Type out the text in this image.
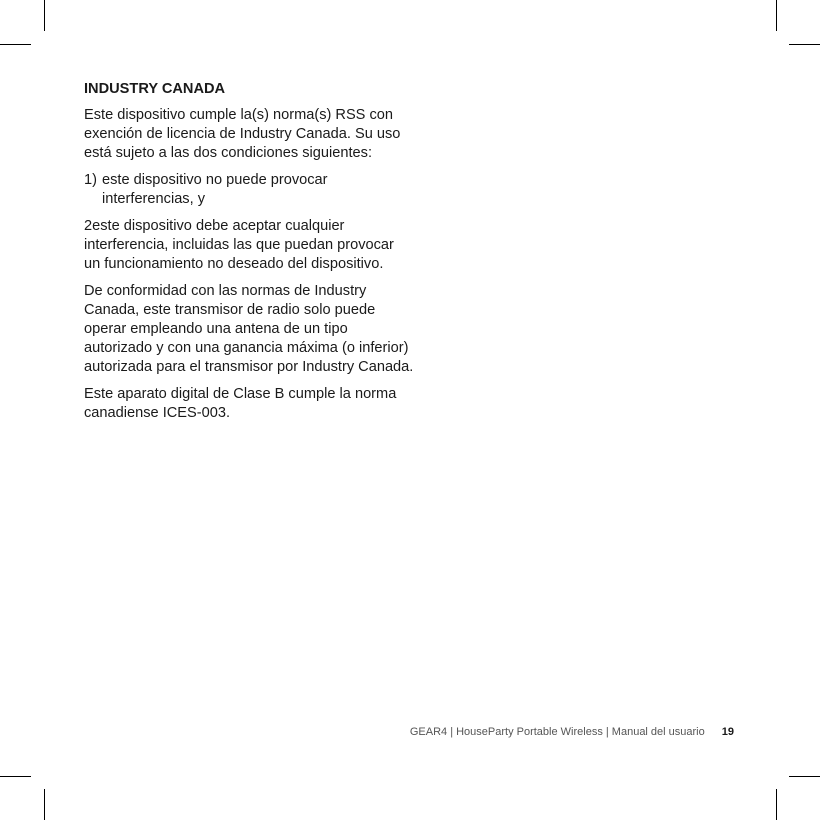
INDUSTRY CANADA

Este dispositivo cumple la(s) norma(s) RSS con exención de licencia de Industry Canada. Su uso está sujeto a las dos condiciones siguientes:

1) este dispositivo no puede provocar interferencias, y

2este dispositivo debe aceptar cualquier interferencia, incluidas las que puedan provocar un funcionamiento no deseado del dispositivo.

De conformidad con las normas de Industry Canada, este transmisor de radio solo puede operar empleando una antena de un tipo autorizado y con una ganancia máxima (o inferior) autorizada para el transmisor por Industry Canada.

Este aparato digital de Clase B cumple la norma canadiense ICES-003.

GEAR4 | HouseParty Portable Wireless | Manual del usuario 19
